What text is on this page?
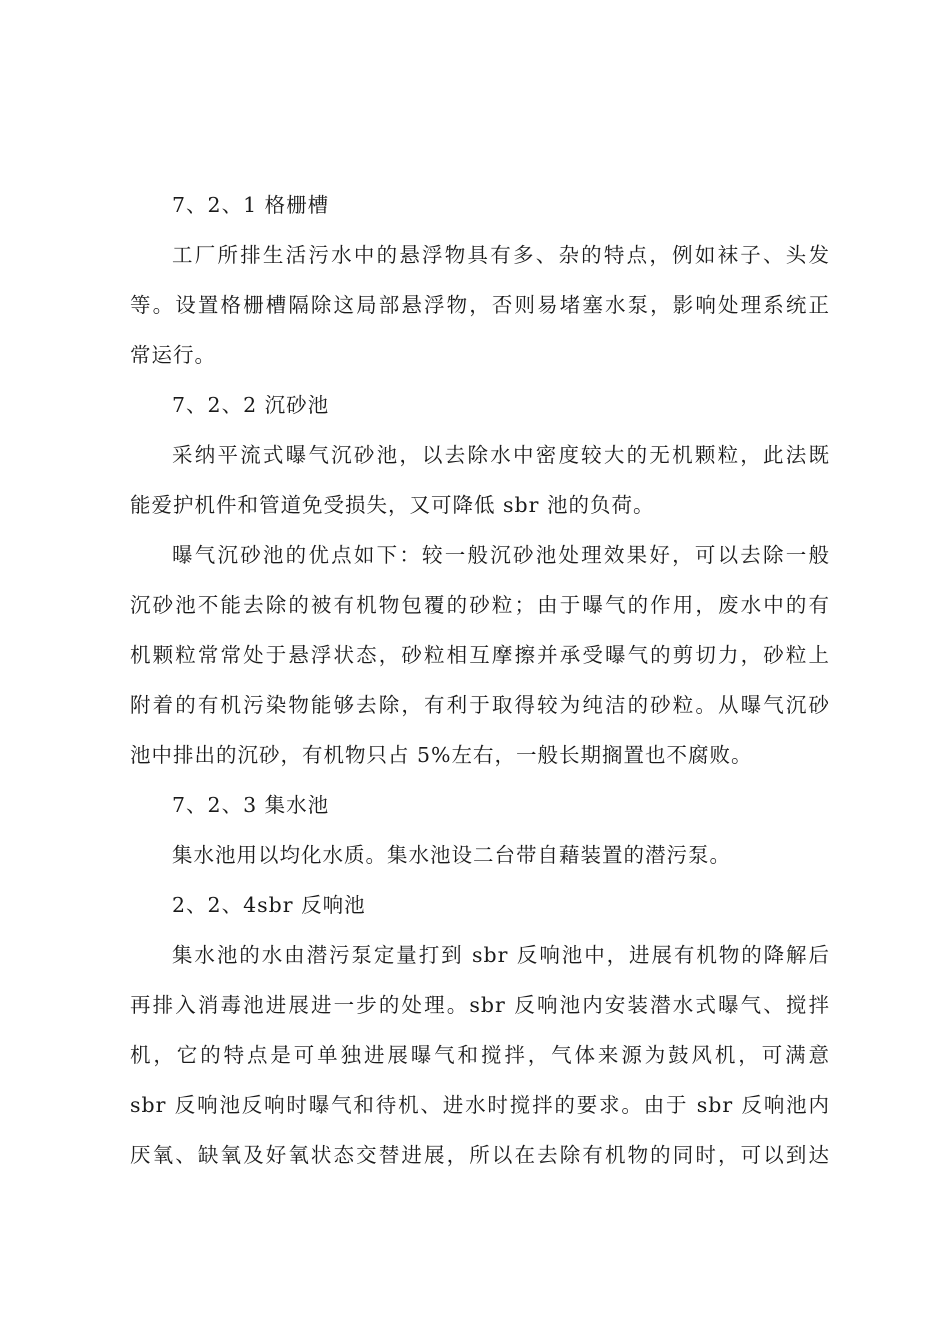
7、2、1 格栅槽
工厂所排生活污水中的悬浮物具有多、杂的特点，例如袜子、头发
等。设置格栅槽隔除这局部悬浮物，否则易堵塞水泵，影响处理系统正
常运行。
7、2、2 沉砂池
采纳平流式曝气沉砂池，以去除水中密度较大的无机颗粒，此法既
能爱护机件和管道免受损失，又可降低 sbr 池的负荷。
曝气沉砂池的优点如下：较一般沉砂池处理效果好，可以去除一般
沉砂池不能去除的被有机物包覆的砂粒；由于曝气的作用，废水中的有
机颗粒常常处于悬浮状态，砂粒相互摩擦并承受曝气的剪切力，砂粒上
附着的有机污染物能够去除，有利于取得较为纯洁的砂粒。从曝气沉砂
池中排出的沉砂，有机物只占 5%左右，一般长期搁置也不腐败。
7、2、3 集水池
集水池用以均化水质。集水池设二台带自藉装置的潜污泵。
2、2、4sbr 反响池
集水池的水由潜污泵定量打到 sbr 反响池中，进展有机物的降解后
再排入消毒池进展进一步的处理。sbr 反响池内安装潜水式曝气、搅拌
机，它的特点是可单独进展曝气和搅拌，气体来源为鼓风机，可满意
sbr 反响池反响时曝气和待机、进水时搅拌的要求。由于 sbr 反响池内
厌氧、缺氧及好氧状态交替进展，所以在去除有机物的同时，可以到达
